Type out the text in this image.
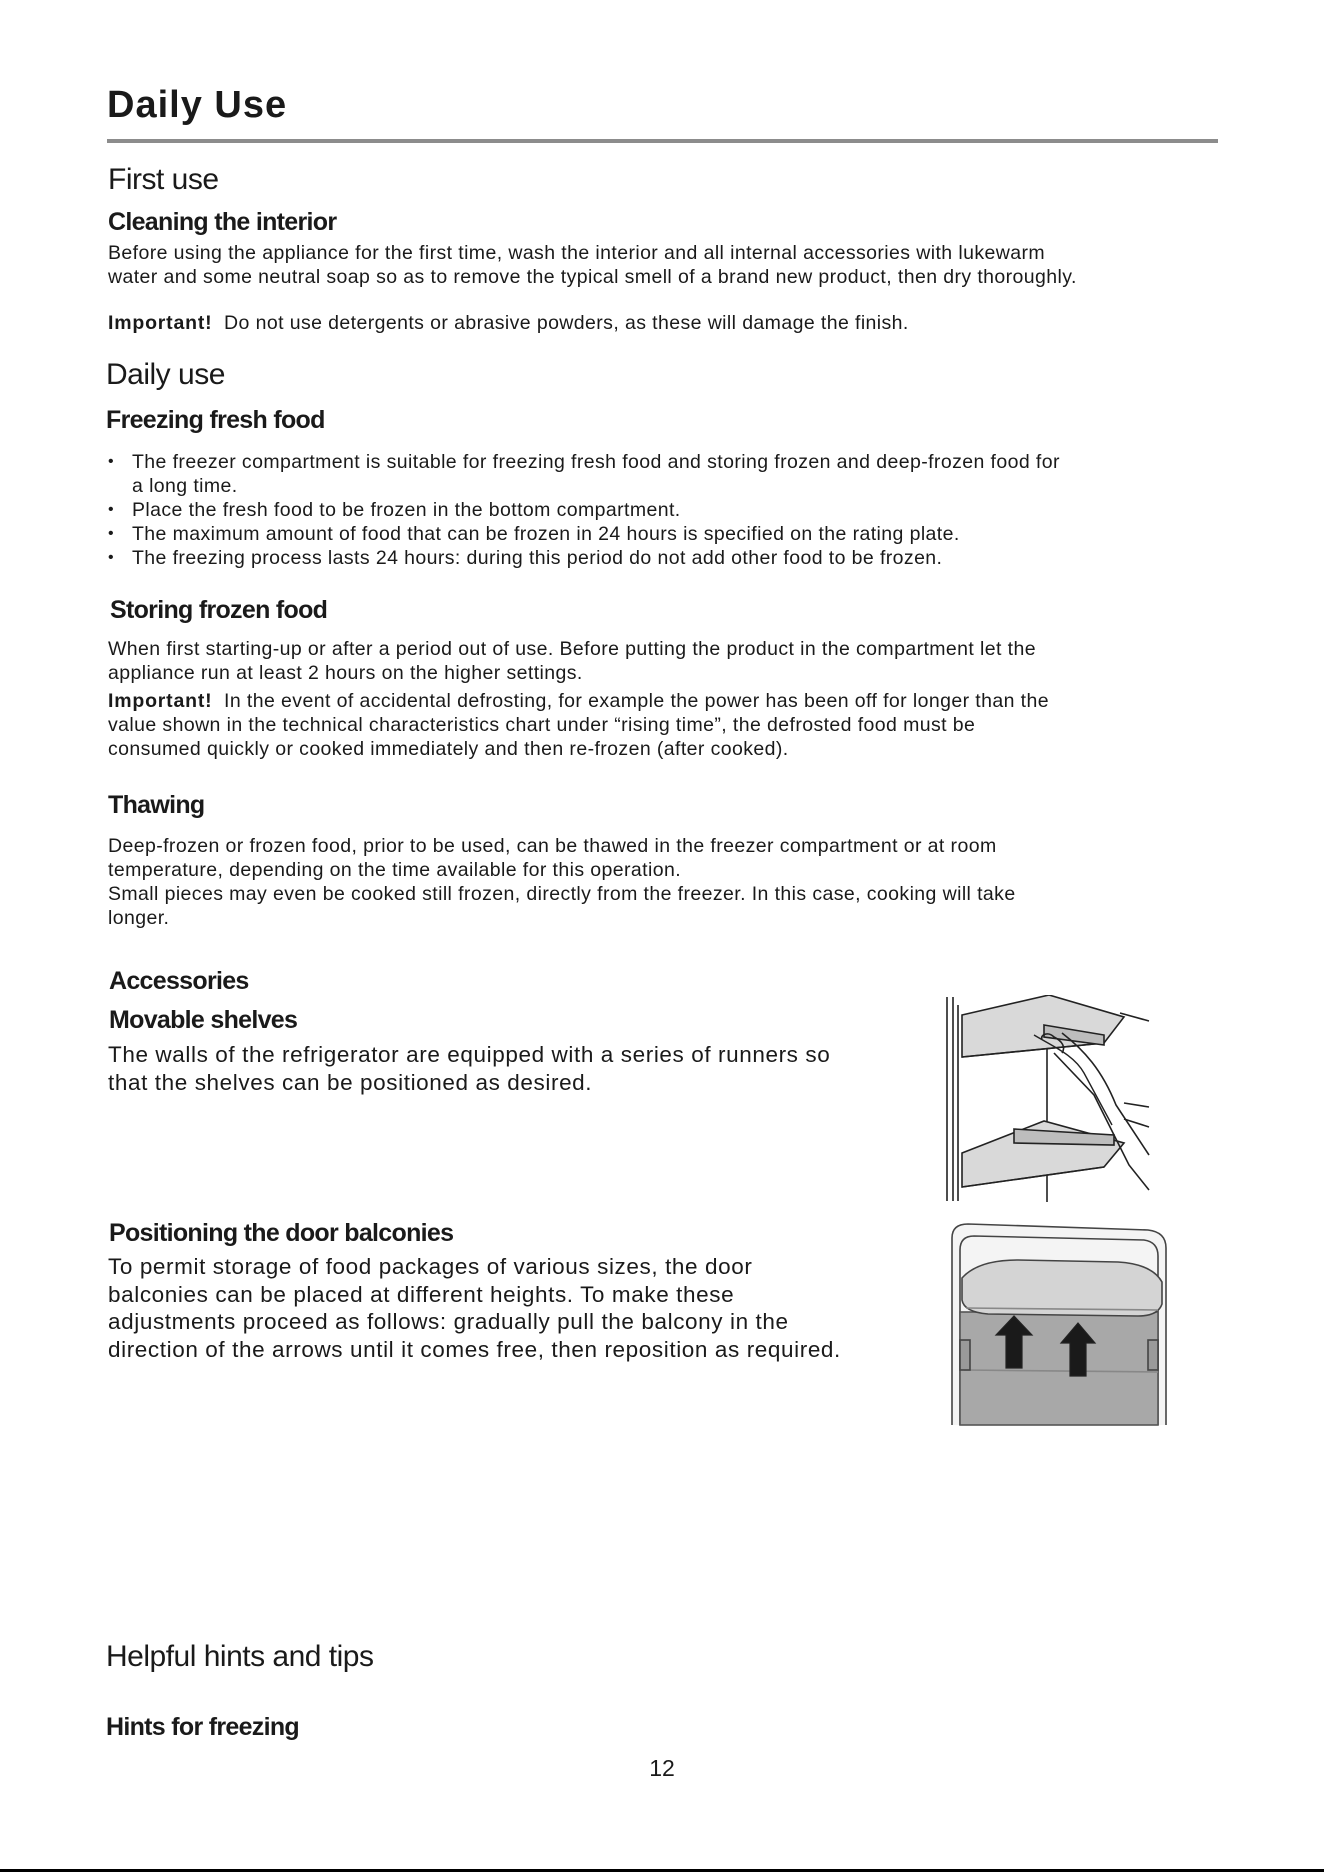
Daily Use
First use
Cleaning the interior

Before using the appliance for the first time, wash the interior and all internal accessories with lukewarm

water and some neutral soap so as to remove the typical smell of a brand new product, then dry thoroughly.

Important! Do not use detergents or abrasive powders, as these will damage the finish.

Daily use
Freezing fresh food
• The freezer compartment is suitable for freezing fresh food and storing frozen and deep-frozen food for
a long time.
• Place the fresh food to be frozen in the bottom compartment.
• The maximum amount of food that can be frozen in 24 hours is specified on the rating plate.
• The freezing process lasts 24 hours: during this period do not add other food to be frozen.
Storing frozen food

When first starting-up or after a period out of use. Before putting the product in the compartment let the

appliance run at least 2 hours on the higher settings.

Important! In the event of accidental defrosting, for example the power has been off for longer than the

value shown in the technical characteristics chart under “rising time”, the defrosted food must be

consumed quickly or cooked immediately and then re-frozen (after cooked).

Thawing

Deep-frozen or frozen food, prior to be used, can be thawed in the freezer compartment or at room

temperature, depending on the time available for this operation.

Small pieces may even be cooked still frozen, directly from the freezer. In this case, cooking will take

longer.

Accessories
Movable shelves

The walls of the refrigerator are equipped with a series of runners so

that the shelves can be positioned as desired.

Positioning the door balconies

To permit storage of food packages of various sizes, the door

balconies can be placed at different heights. To make these

adjustments proceed as follows: gradually pull the balcony in the

direction of the arrows until it comes free, then reposition as required.

Helpful hints and tips
Hints for freezing
12
